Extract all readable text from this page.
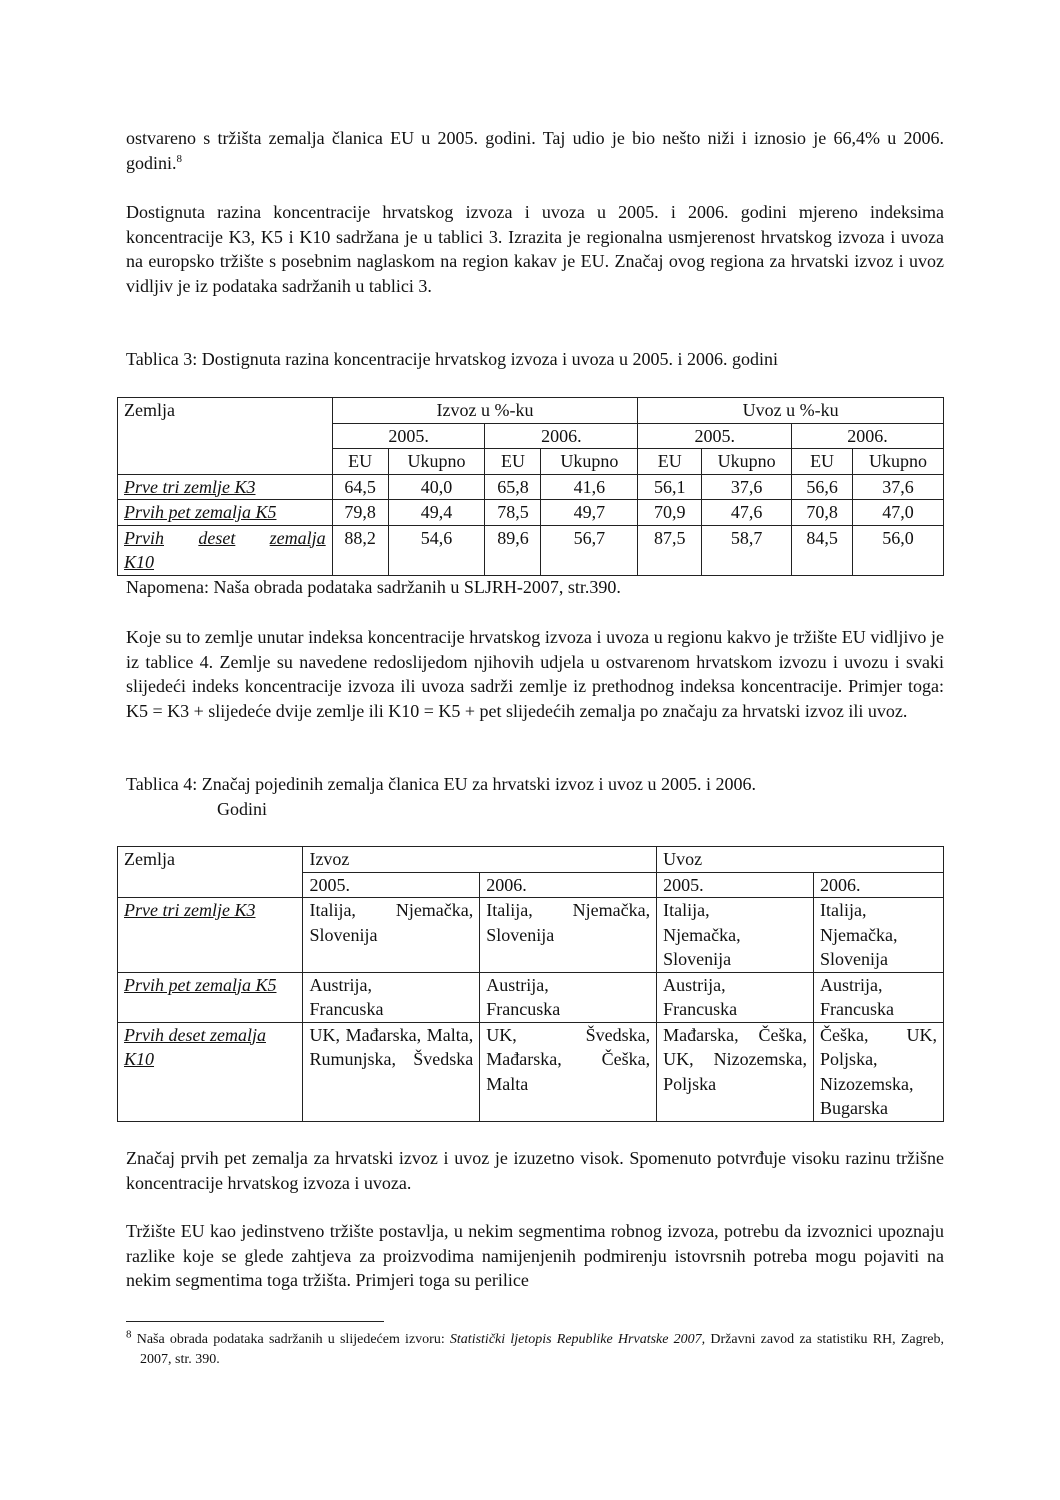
ostvareno s tržišta zemalja članica EU u 2005. godini. Taj udio je bio nešto niži i iznosio je 66,4% u 2006. godini.$^8$

Dostignuta razina koncentracije hrvatskog izvoza i uvoza u 2005. i 2006. godini mjereno indeksima koncentracije K3, K5 i K10 sadržana je u tablici 3. Izrazita je regionalna usmjerenost hrvatskog izvoza i uvoza na europsko tržište s posebnim naglaskom na region kakav je EU. Značaj ovog regiona za hrvatski izvoz i uvoz vidljiv je iz podataka sadržanih u tablici 3.

Tablica 3: Dostignuta razina koncentracije hrvatskog izvoza i uvoza u 2005. i 2006. godini
Zemlja	Izvoz u %-ku				Uvoz u %-ku			
	2005.		2006.		2005.		2006.	
	EU	Ukupno	EU	Ukupno	EU	Ukupno	EU	Ukupno
Prve tri zemlje K3	64,5	40,0	65,8	41,6	56,1	37,6	56,6	37,6
Prvih pet zemalja K5	79,8	49,4	78,5	49,7	70,9	47,6	70,8	47,0

Prvih deset zemalja
K10	88,2	54,6	89,6	56,7	87,5	58,7	84,5	56,0
Napomena: Naša obrada podataka sadržanih u SLJRH-2007, str.390.

Koje su to zemlje unutar indeksa koncentracije hrvatskog izvoza i uvoza u regionu kakvo je tržište EU vidljivo je iz tablice 4. Zemlje su navedene redoslijedom njihovih udjela u ostvarenom hrvatskom izvozu i uvozu i svaki slijedeći indeks koncentracije izvoza ili uvoza sadrži zemlje iz prethodnog indeksa koncentracije. Primjer toga: K5 = K3 + slijedeće dvije zemlje ili K10 = K5 + pet slijedećih zemalja po značaju za hrvatski izvoz ili uvoz.

Tablica 4: Značaj pojedinih zemalja članica EU za hrvatski izvoz i uvoz u 2005. i 2006.
Godini
Zemlja	Izvoz		Uvoz	
	2005.	2006.	2005.	2006.
Prve tri zemlje K3	Italija, Njemačka, Slovenija	Italija, Njemačka, Slovenija	Italija, Njemačka, Slovenija	Italija, Njemačka, Slovenija
Prvih pet zemalja K5	Austrija, Francuska	Austrija, Francuska	Austrija, Francuska	Austrija, Francuska
Prvih deset zemalja K10	UK, Mađarska, Malta, Rumunjska, Švedska	UK, Švedska, Mađarska, Češka, Malta	Mađarska, Češka, UK, Nizozemska, Poljska	Češka, UK, Poljska, Nizozemska, Bugarska

Značaj prvih pet zemalja za hrvatski izvoz i uvoz je izuzetno visok. Spomenuto potvrđuje visoku razinu tržišne koncentracije hrvatskog izvoza i uvoza.

Tržište EU kao jedinstveno tržište postavlja, u nekim segmentima robnog izvoza, potrebu da izvoznici upoznaju razlike koje se glede zahtjeva za proizvodima namijenjenih podmirenju istovrsnih potreba mogu pojaviti na nekim segmentima toga tržišta. Primjeri toga su perilice

$^8$ Naša obrada podataka sadržanih u slijedećem izvoru: Statistički ljetopis Republike Hrvatske 2007, Državni zavod za statistiku RH, Zagreb, 2007, str. 390.
